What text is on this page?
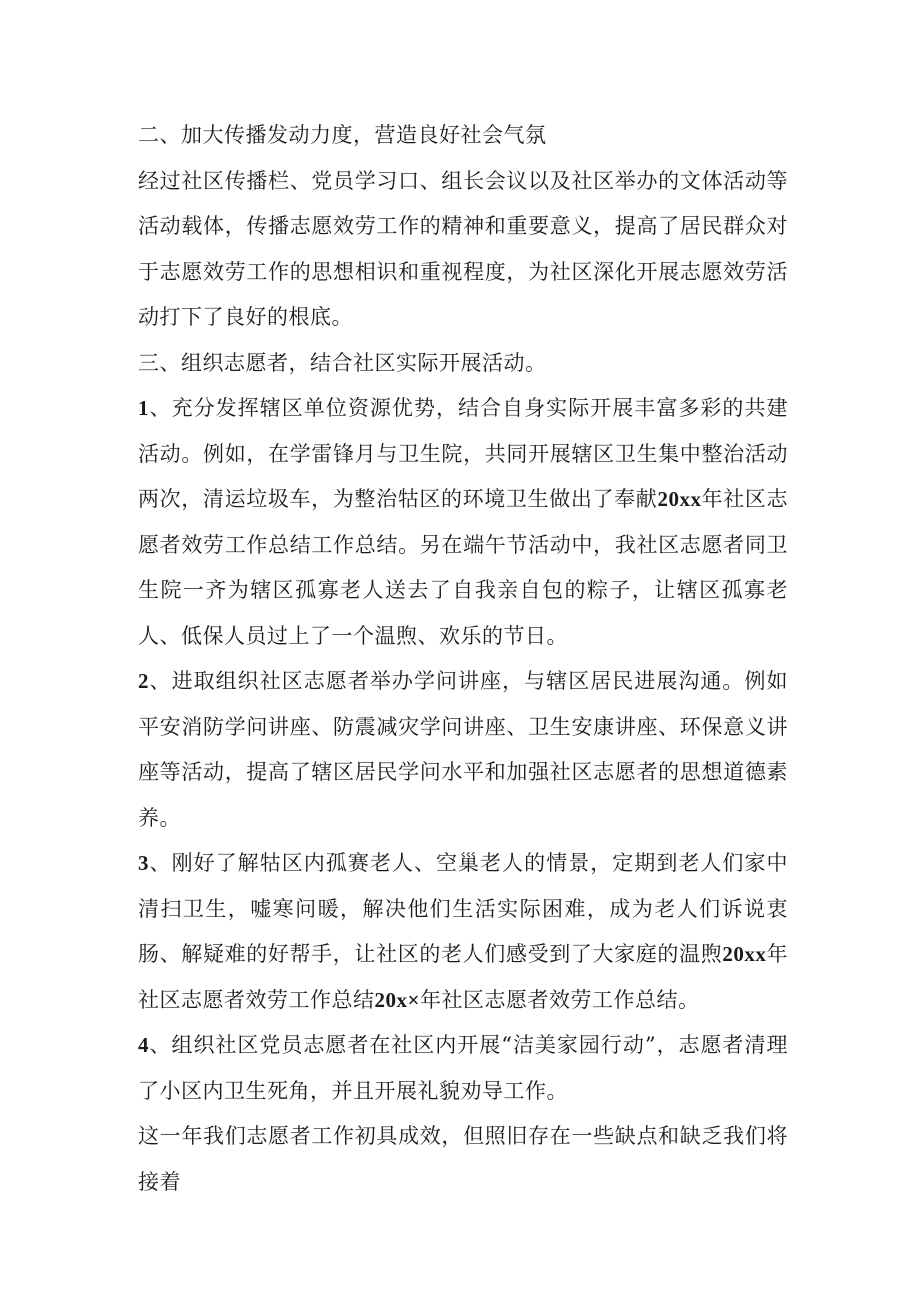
二、加大传播发动力度，营造良好社会气氛

经过社区传播栏、党员学习口、组长会议以及社区举办的文体活动等活动载体，传播志愿效劳工作的精神和重要意义，提高了居民群众对于志愿效劳工作的思想相识和重视程度，为社区深化开展志愿效劳活动打下了良好的根底。

三、组织志愿者，结合社区实际开展活动。

1、充分发挥辖区单位资源优势，结合自身实际开展丰富多彩的共建活动。例如，在学雷锋月与卫生院，共同开展辖区卫生集中整治活动两次，清运垃圾车，为整治牯区的环境卫生做出了奉献20xx年社区志愿者效劳工作总结工作总结。另在端午节活动中，我社区志愿者同卫生院一齐为辖区孤寡老人送去了自我亲自包的粽子，让辖区孤寡老人、低保人员过上了一个温煦、欢乐的节日。

2、进取组织社区志愿者举办学问讲座，与辖区居民进展沟通。例如平安消防学问讲座、防震减灾学问讲座、卫生安康讲座、环保意义讲座等活动，提高了辖区居民学问水平和加强社区志愿者的思想道德素养。

3、刚好了解牯区内孤赛老人、空巢老人的情景，定期到老人们家中清扫卫生，嘘寒问暖，解决他们生活实际困难，成为老人们诉说衷肠、解疑难的好帮手，让社区的老人们感受到了大家庭的温煦20xx年社区志愿者效劳工作总结20x×年社区志愿者效劳工作总结。

4、组织社区党员志愿者在社区内开展“洁美家园行动”，志愿者清理了小区内卫生死角，并且开展礼貌劝导工作。

这一年我们志愿者工作初具成效，但照旧存在一些缺点和缺乏我们将接着
